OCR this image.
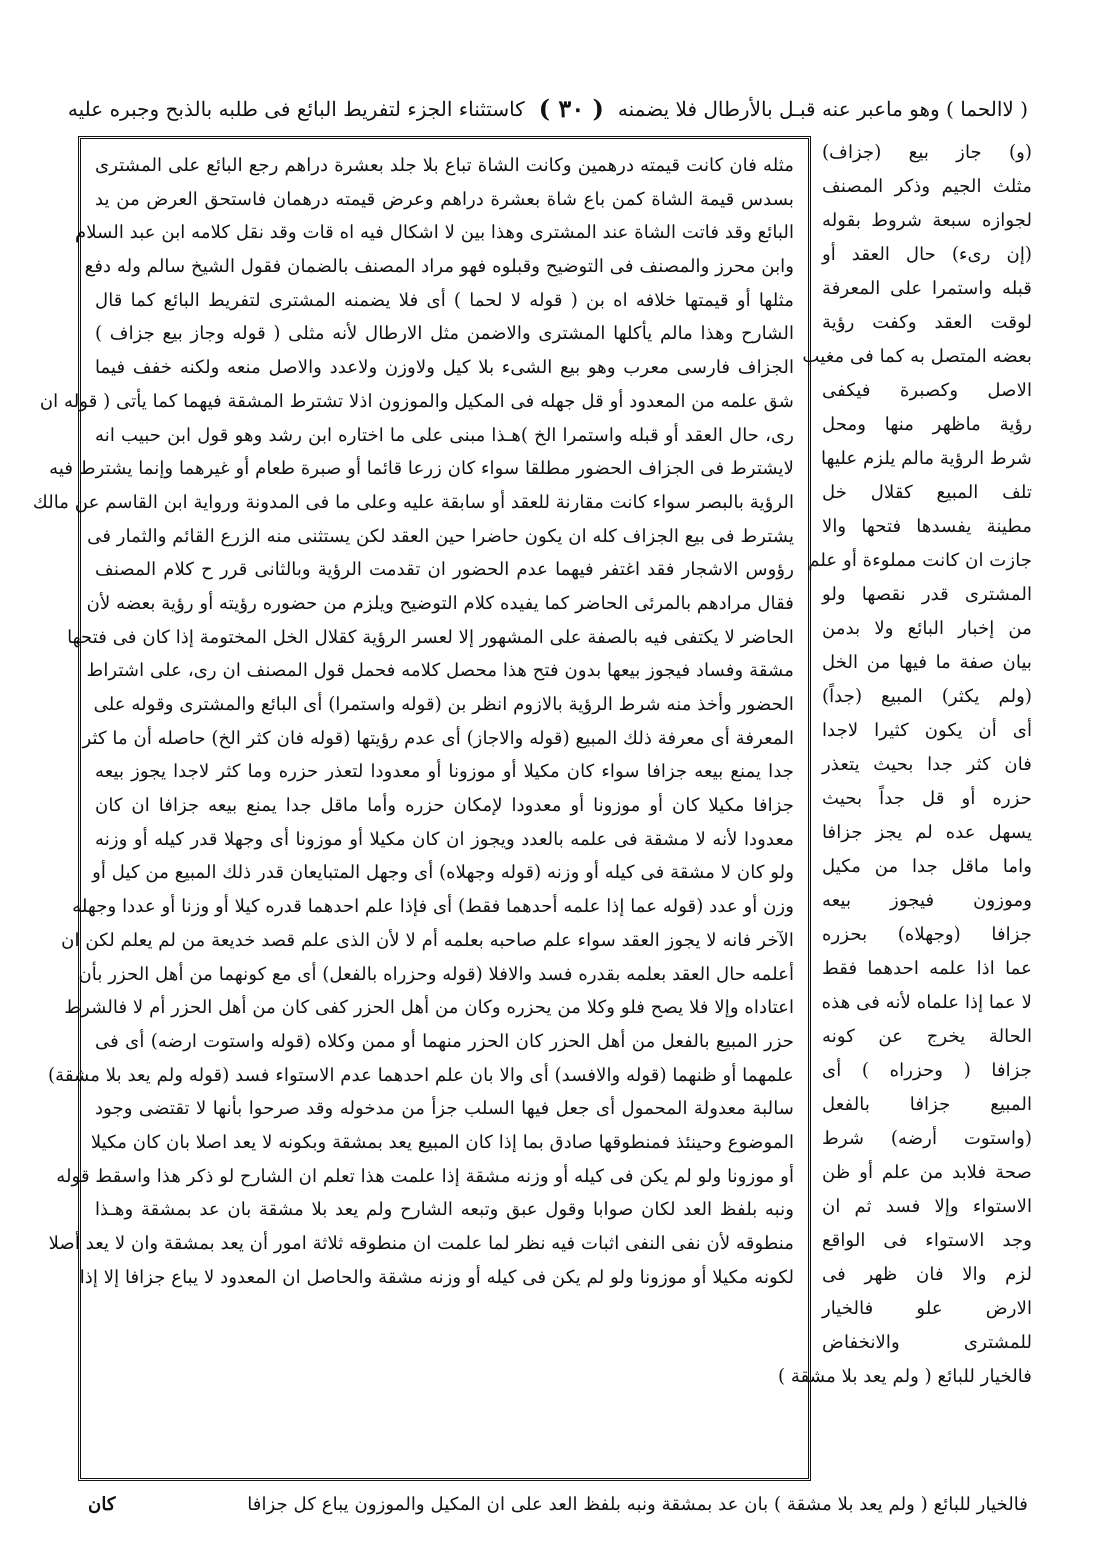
( لاالحما ) وهو ماعبر عنه قبـل بالأرطال فلا يضمنه
( ٣٠ )
كاستثناء الجزء لتفريط البائع فى طلبه بالذبح وجبره عليه
(و) جاز بيع (جزاف)
مثلث الجيم وذكر المصنف
لجوازه سبعة شروط بقوله
(إن رىء) حال العقد أو
قبله واستمرا على المعرفة
لوقت العقد وكفت رؤية
بعضه المتصل به كما فى مغيب
الاصل وكصبرة فيكفى
رؤية ماظهر منها ومحل
شرط الرؤية مالم يلزم عليها
تلف المبيع كقلال خل
مطينة يفسدها فتحها والا
جازت ان كانت مملوءة أو علم
المشترى قدر نقصها ولو
من إخبار البائع ولا بدمن
بيان صفة ما فيها من الخل
(ولم يكثر) المبيع (جداً)
أى أن يكون كثيرا لاجدا
فان كثر جدا بحيث يتعذر
حزره أو قل جداً بحيث
يسهل عده لم يجز جزافا
واما ماقل جدا من مكيل
وموزون فيجوز بيعه
جزافا (وجهلاه) بحزره
عما اذا علمه احدهما فقط
لا عما إذا علماه لأنه فى هذه
الحالة يخرج عن كونه
جزافا ( وحزراه ) أى
المبيع جزافا بالفعل
(واستوت أرضه) شرط
صحة فلابد من علم أو ظن
الاستواء وإلا فسد ثم ان
وجد الاستواء فى الواقع
لزم والا فان ظهر فى
الارض علو فالخيار
للمشترى والانخفاض
فالخيار للبائع ( ولم يعد بلا مشقة )
مثله فان كانت قيمته درهمين وكانت الشاة تباع بلا جلد بعشرة دراهم رجع البائع على المشترى
بسدس قيمة الشاة كمن باع شاة بعشرة دراهم وعرض قيمته درهمان فاستحق العرض من يد
البائع وقد فاتت الشاة عند المشترى وهذا بين لا اشكال فيه اه قات وقد نقل كلامه ابن عبد السلام
وابن محرز والمصنف فى التوضيح وقبلوه فهو مراد المصنف بالضمان فقول الشيخ سالم وله دفع
مثلها أو قيمتها خلافه اه بن ( قوله لا لحما ) أى فلا يضمنه المشترى لتفريط البائع كما قال
الشارح وهذا مالم يأكلها المشترى والاضمن مثل الارطال لأنه مثلى ( قوله وجاز بيع جزاف )
الجزاف فارسى معرب وهو بيع الشىء بلا كيل ولاوزن ولاعدد والاصل منعه ولكنه خفف فيما
شق علمه من المعدود أو قل جهله فى المكيل والموزون اذلا تشترط المشقة فيهما كما يأتى ( قوله ان
رى، حال العقد أو قبله واستمرا الخ )هـذا مبنى على ما اختاره ابن رشد وهو قول ابن حبيب انه
لايشترط فى الجزاف الحضور مطلقا سواء كان زرعا قائما أو صبرة طعام أو غيرهما وإنما يشترط فيه
الرؤية بالبصر سواء كانت مقارنة للعقد أو سابقة عليه وعلى ما فى المدونة ورواية ابن القاسم عن مالك
يشترط فى بيع الجزاف كله ان يكون حاضرا حين العقد لكن يستثنى منه الزرع القائم والثمار فى
رؤوس الاشجار فقد اغتفر فيهما عدم الحضور ان تقدمت الرؤية وبالثانى قرر ح كلام المصنف
فقال مرادهم بالمرئى الحاضر كما يفيده كلام التوضيح ويلزم من حضوره رؤيته أو رؤية بعضه لأن
الحاضر لا يكتفى فيه بالصفة على المشهور إلا لعسر الرؤية كقلال الخل المختومة إذا كان فى فتحها
مشقة وفساد فيجوز بيعها بدون فتح هذا محصل كلامه فحمل قول المصنف ان رى، على اشتراط
الحضور وأخذ منه شرط الرؤية بالازوم انظر بن (قوله واستمرا) أى البائع والمشترى وقوله على
المعرفة أى معرفة ذلك المبيع (قوله والاجاز) أى عدم رؤيتها (قوله فان كثر الخ) حاصله أن ما كثر
جدا يمنع بيعه جزافا سواء كان مكيلا أو موزونا أو معدودا لتعذر حزره وما كثر لاجدا يجوز بيعه
جزافا مكيلا كان أو موزونا أو معدودا لإمكان حزره وأما ماقل جدا يمنع بيعه جزافا ان كان
معدودا لأنه لا مشقة فى علمه بالعدد ويجوز ان كان مكيلا أو موزونا أى وجهلا قدر كيله أو وزنه
ولو كان لا مشقة فى كيله أو وزنه (قوله وجهلاه) أى وجهل المتبايعان قدر ذلك المبيع من كيل أو
وزن أو عدد (قوله عما إذا علمه أحدهما فقط) أى فإذا علم احدهما قدره كيلا أو وزنا أو عددا وجهله
الآخر فانه لا يجوز العقد سواء علم صاحبه بعلمه أم لا لأن الذى علم قصد خديعة من لم يعلم لكن ان
أعلمه حال العقد بعلمه بقدره فسد والافلا (قوله وحزراه بالفعل) أى مع كونهما من أهل الحزر بأن
اعتاداه وإلا فلا يصح فلو وكلا من يحزره وكان من أهل الحزر كفى كان من أهل الحزر أم لا فالشرط
حزر المبيع بالفعل من أهل الحزر كان الحزر منهما أو ممن وكلاه (قوله واستوت ارضه) أى فى
علمهما أو ظنهما (قوله والافسد) أى والا بان علم احدهما عدم الاستواء فسد (قوله ولم يعد بلا مشقة)
سالبة معدولة المحمول أى جعل فيها السلب جزأ من مدخوله وقد صرحوا بأنها لا تقتضى وجود
الموضوع وحينئذ فمنطوقها صادق بما إذا كان المبيع يعد بمشقة وبكونه لا يعد اصلا بان كان مكيلا
أو موزونا ولو لم يكن فى كيله أو وزنه مشقة إذا علمت هذا تعلم ان الشارح لو ذكر هذا واسقط قوله
ونبه بلفظ العد لكان صوابا وقول عبق وتبعه الشارح ولم يعد بلا مشقة بان عد بمشقة وهـذا
منطوقه لأن نفى النفى اثبات فيه نظر لما علمت ان منطوقه ثلاثة امور أن يعد بمشقة وان لا يعد أصلا
لكونه مكيلا أو موزونا ولو لم يكن فى كيله أو وزنه مشقة والحاصل ان المعدود لا يباع جزافا إلا إذا
فالخيار للبائع ( ولم يعد بلا مشقة ) بان عد بمشقة ونبه بلفظ العد على ان المكيل والموزون يباع كل جزافا
كان
